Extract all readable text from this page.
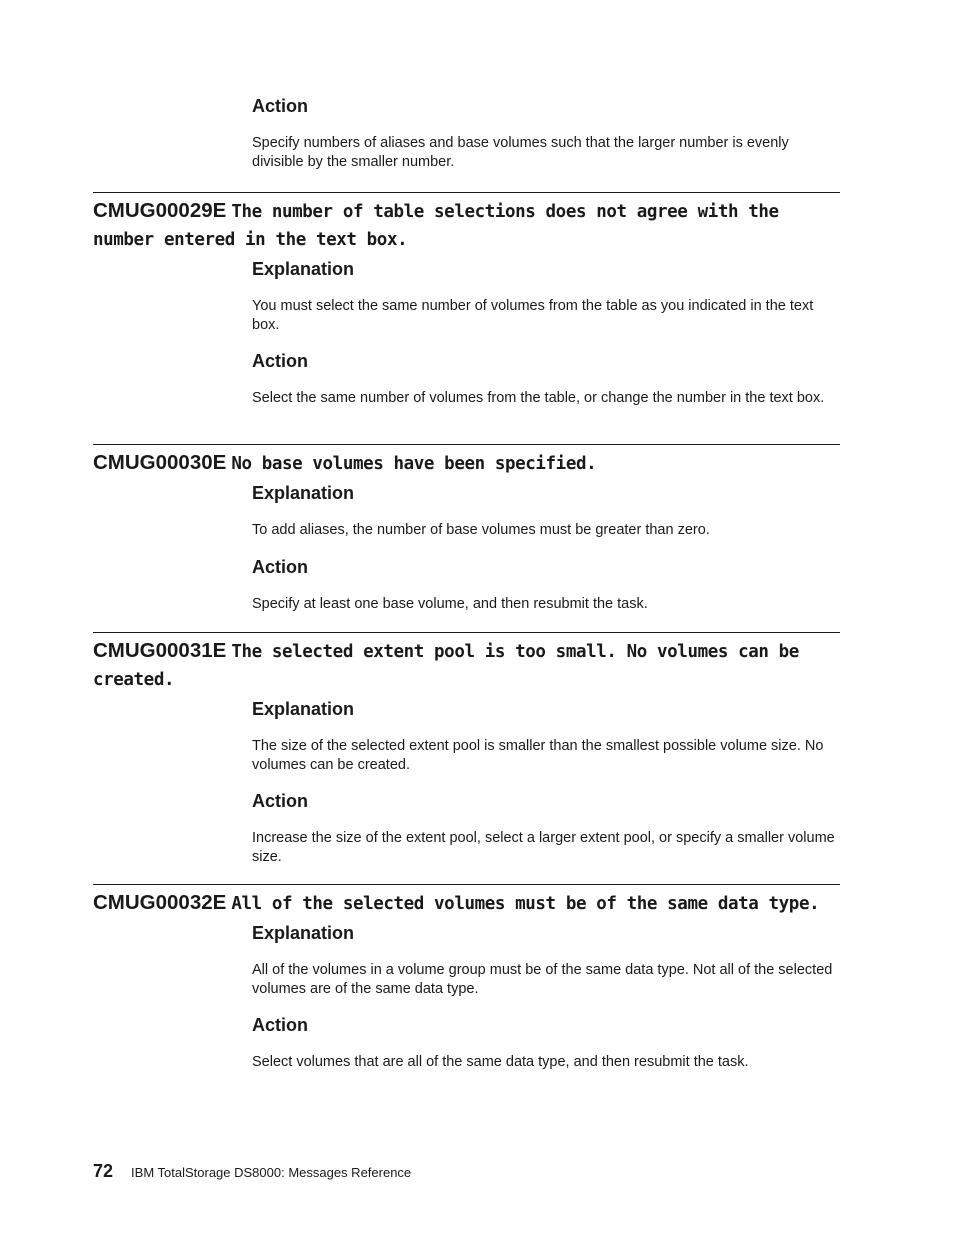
Action

Specify numbers of aliases and base volumes such that the larger number is evenly divisible by the smaller number.

CMUG00029E The number of table selections does not agree with the number entered in the text box.
Explanation

You must select the same number of volumes from the table as you indicated in the text box.

Action

Select the same number of volumes from the table, or change the number in the text box.

CMUG00030E No base volumes have been specified.
Explanation

To add aliases, the number of base volumes must be greater than zero.

Action

Specify at least one base volume, and then resubmit the task.

CMUG00031E The selected extent pool is too small. No volumes can be created.
Explanation

The size of the selected extent pool is smaller than the smallest possible volume size. No volumes can be created.

Action

Increase the size of the extent pool, select a larger extent pool, or specify a smaller volume size.

CMUG00032E All of the selected volumes must be of the same data type.
Explanation

All of the volumes in a volume group must be of the same data type. Not all of the selected volumes are of the same data type.

Action

Select volumes that are all of the same data type, and then resubmit the task.

72 IBM TotalStorage DS8000: Messages Reference
